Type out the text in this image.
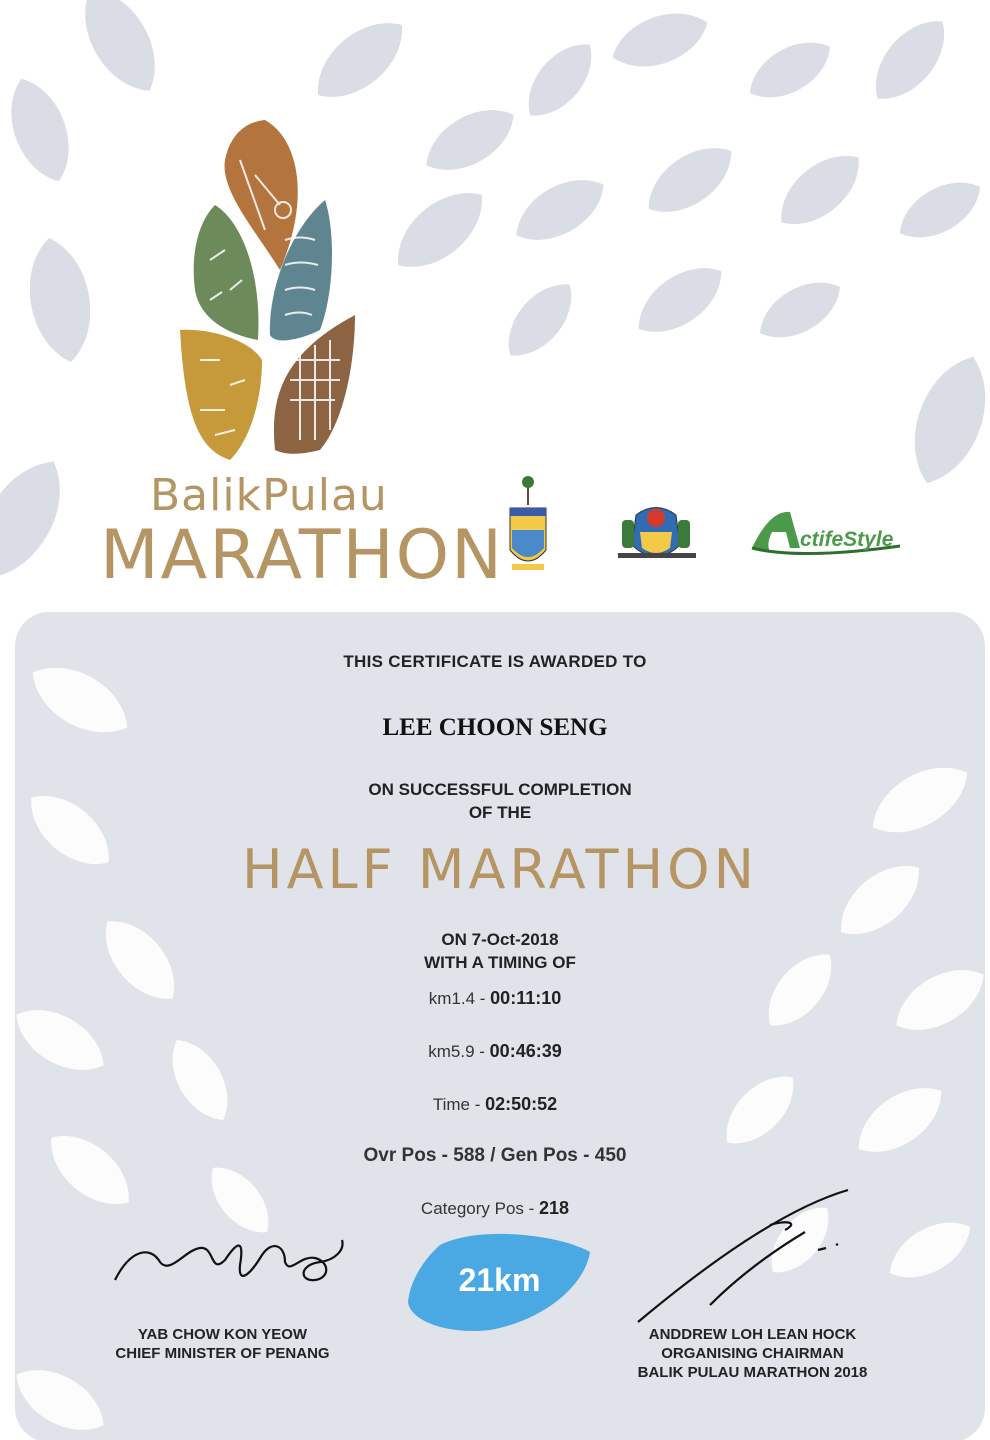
BalikPulau
MARATHON	ctifeStyle
THIS CERTIFICATE IS AWARDED TO
LEE CHOON SENG
ON SUCCESSFUL COMPLETION
OF THE
HALF MARATHON
ON 7-Oct-2018
WITH A TIMING OF
km1.4 - 00:11:10
km5.9 - 00:46:39
Time - 02:50:52
Ovr Pos - 588 / Gen Pos - 450
Category Pos - 218
21km
YAB CHOW KON YEOW
CHIEF MINISTER OF PENANG
ANDDREW LOH LEAN HOCK
ORGANISING CHAIRMAN
BALIK PULAU MARATHON 2018
